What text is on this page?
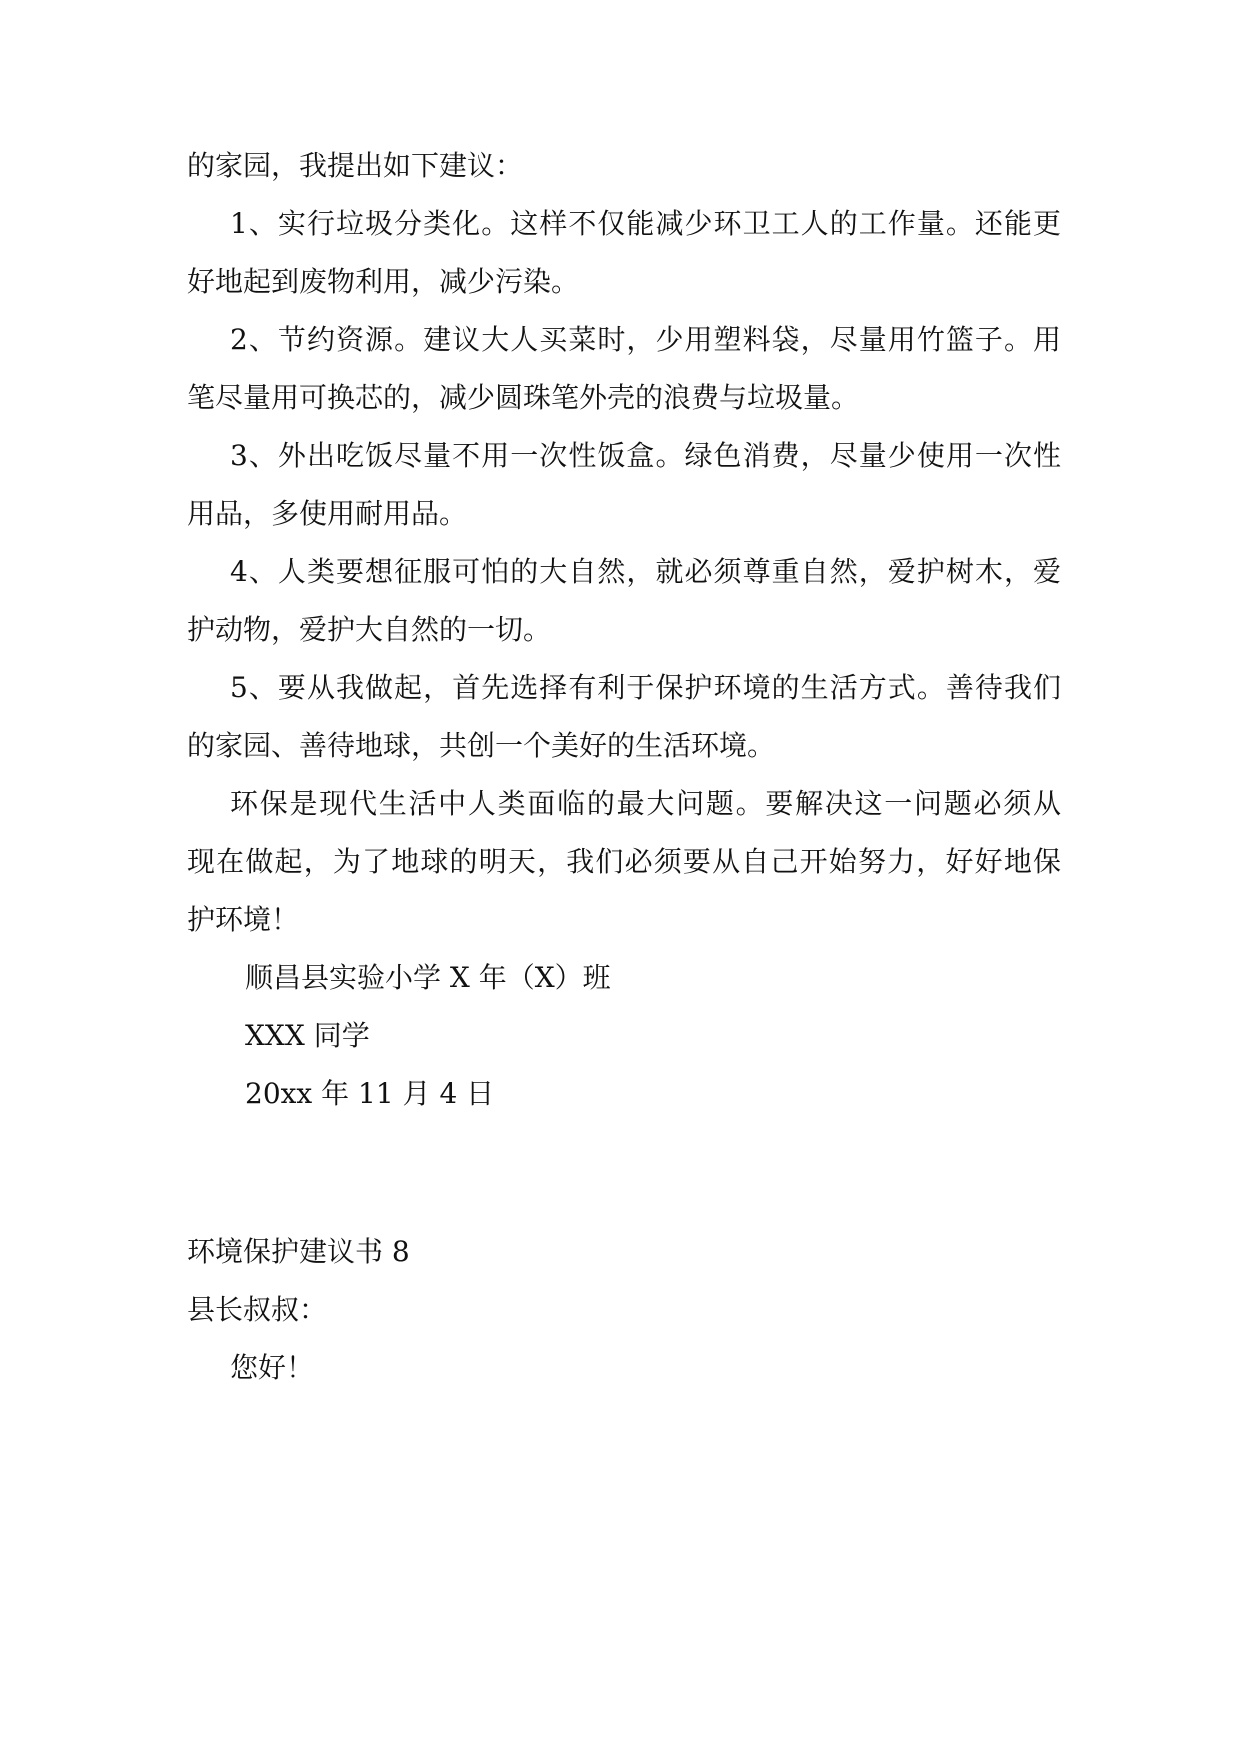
的家园，我提出如下建议：
1、实行垃圾分类化。这样不仅能减少环卫工人的工作量。还能更
好地起到废物利用，减少污染。
2、节约资源。建议大人买菜时，少用塑料袋，尽量用竹篮子。用
笔尽量用可换芯的，减少圆珠笔外壳的浪费与垃圾量。
3、外出吃饭尽量不用一次性饭盒。绿色消费，尽量少使用一次性
用品，多使用耐用品。
4、人类要想征服可怕的大自然，就必须尊重自然，爱护树木，爱
护动物，爱护大自然的一切。
5、要从我做起，首先选择有利于保护环境的生活方式。善待我们
的家园、善待地球，共创一个美好的生活环境。
环保是现代生活中人类面临的最大问题。要解决这一问题必须从
现在做起，为了地球的明天，我们必须要从自己开始努力，好好地保
护环境！
顺昌县实验小学 X 年（X）班
XXX 同学
20xx 年 11 月 4 日
环境保护建议书 8
县长叔叔：
您好！
